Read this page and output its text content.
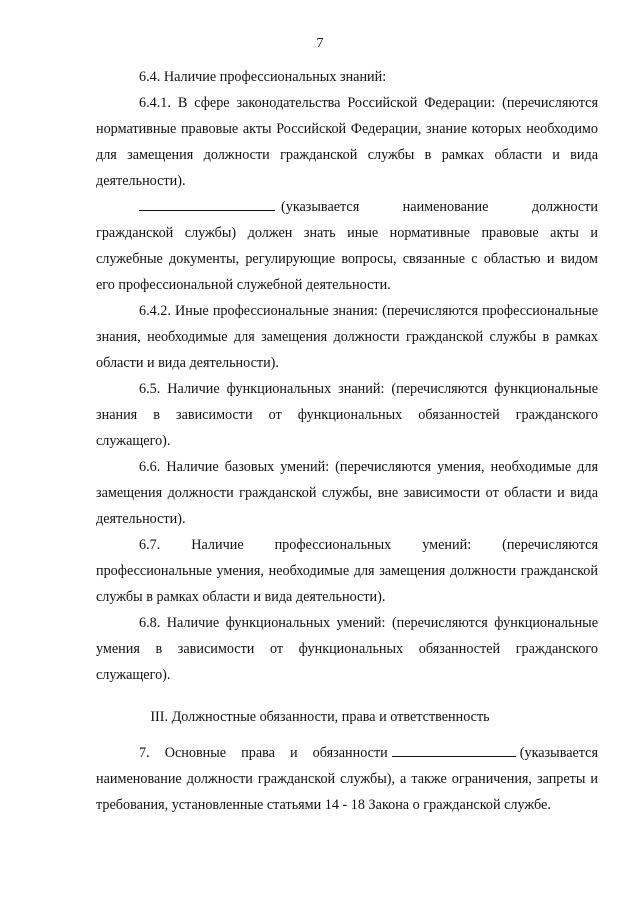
7

6.4. Наличие профессиональных знаний:

6.4.1. В сфере законодательства Российской Федерации: (перечисляются нормативные правовые акты Российской Федерации, знание которых необходимо для замещения должности гражданской службы в рамках области и вида деятельности).

(указывается наименование должности гражданской службы) должен знать иные нормативные правовые акты и служебные документы, регулирующие вопросы, связанные с областью и видом его профессиональной служебной деятельности.

6.4.2. Иные профессиональные знания: (перечисляются профессиональные знания, необходимые для замещения должности гражданской службы в рамках области и вида деятельности).

6.5. Наличие функциональных знаний: (перечисляются функциональные знания в зависимости от функциональных обязанностей гражданского служащего).

6.6. Наличие базовых умений: (перечисляются умения, необходимые для замещения должности гражданской службы, вне зависимости от области и вида деятельности).

6.7. Наличие профессиональных умений: (перечисляются профессиональные умения, необходимые для замещения должности гражданской службы в рамках области и вида деятельности).

6.8. Наличие функциональных умений: (перечисляются функциональные умения в зависимости от функциональных обязанностей гражданского служащего).

III. Должностные обязанности, права и ответственность

7. Основные права и обязанности	(указывается наименование должности гражданской службы), а также ограничения, запреты и требования, установленные статьями 14 - 18 Закона о гражданской службе.
